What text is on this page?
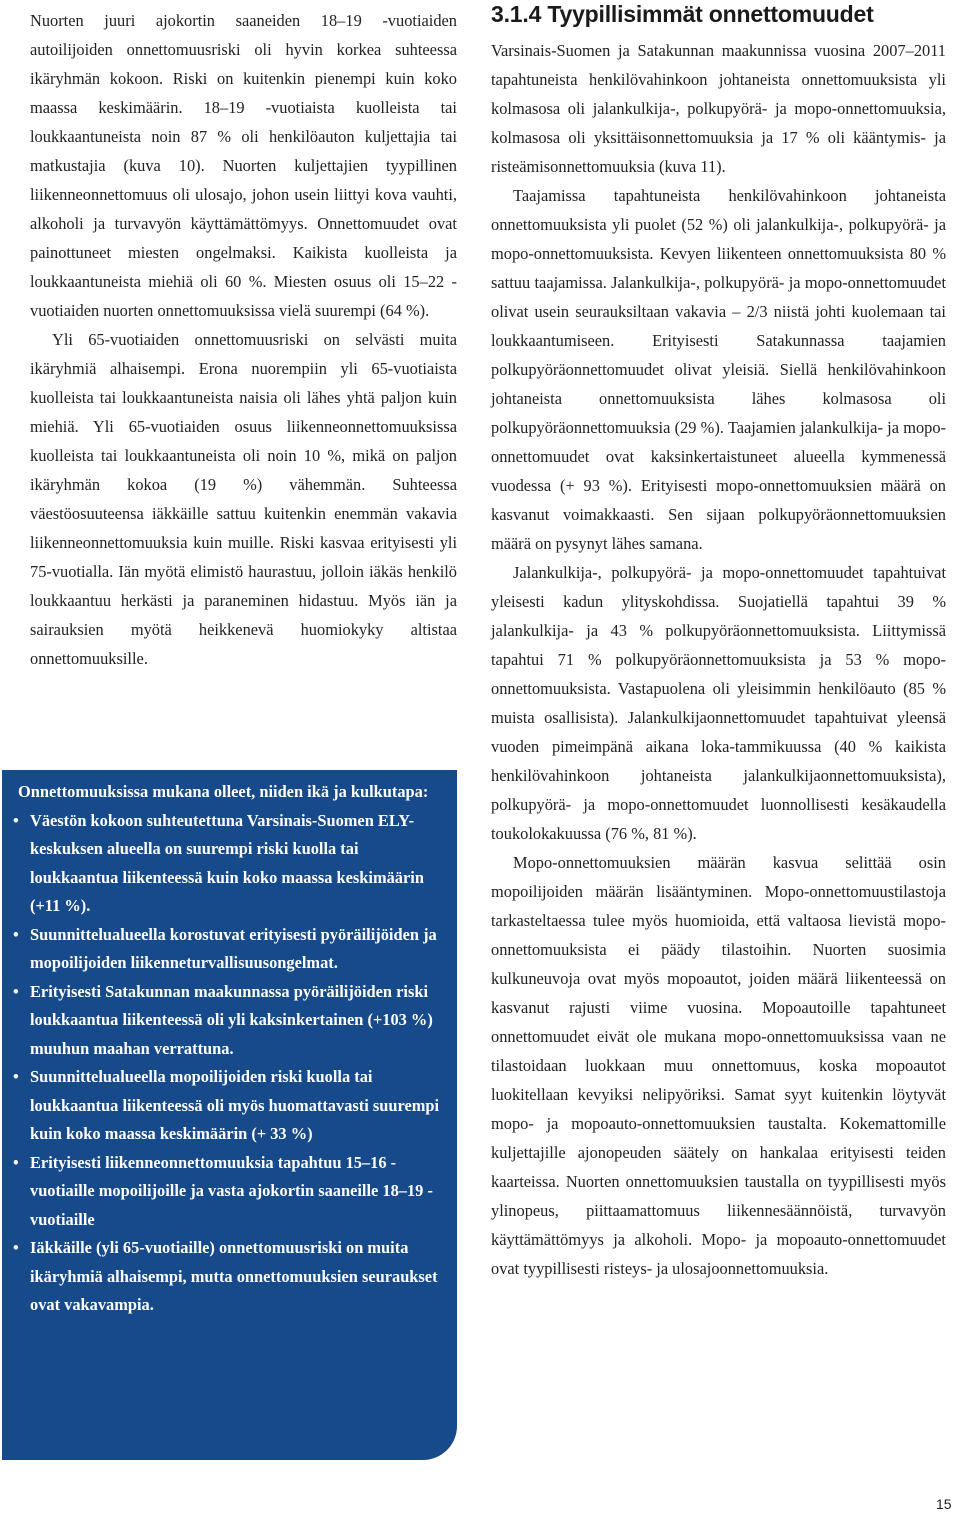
Nuorten juuri ajokortin saaneiden 18–19 -vuotiaiden autoilijoiden onnettomuusriski oli hyvin korkea suhteessa ikäryhmän kokoon. Riski on kuitenkin pienempi kuin koko maassa keskimäärin. 18–19 -vuotiaista kuolleista tai loukkaantuneista noin 87 % oli henkilöauton kuljettajia tai matkustajia (kuva 10). Nuorten kuljettajien tyypillinen liikenneonnettomuus oli ulosajo, johon usein liittyi kova vauhti, alkoholi ja turvavyön käyttämättömyys. Onnettomuudet ovat painottuneet miesten ongelmaksi. Kaikista kuolleista ja loukkaantuneista miehiä oli 60 %. Miesten osuus oli 15–22 -vuotiaiden nuorten onnettomuuksissa vielä suurempi (64 %).

Yli 65-vuotiaiden onnettomuusriski on selvästi muita ikäryhmiä alhaisempi. Erona nuorempiin yli 65-vuotiaista kuolleista tai loukkaantuneista naisia oli lähes yhtä paljon kuin miehiä. Yli 65-vuotiaiden osuus liikenneonnettomuuksissa kuolleista tai loukkaantuneista oli noin 10 %, mikä on paljon ikäryhmän kokoa (19 %) vähemmän. Suhteessa väestöosuuteensa iäkkäille sattuu kuitenkin enemmän vakavia liikenneonnettomuuksia kuin muille. Riski kasvaa erityisesti yli 75-vuotialla. Iän myötä elimistö haurastuu, jolloin iäkäs henkilö loukkaantuu herkästi ja paraneminen hidastuu. Myös iän ja sairauksien myötä heikkenevä huomiokyky altistaa onnettomuuksille.

Onnettomuuksissa mukana olleet, niiden ikä ja kulkutapa:
• Väestön kokoon suhteutettuna Varsinais-Suomen ELY-keskuksen alueella on suurempi riski kuolla tai loukkaantua liikenteessä kuin koko maassa keskimäärin (+11 %).
• Suunnittelualueella korostuvat erityisesti pyöräilijöiden ja mopoilijoiden liikenneturvallisuusongelmat.
• Erityisesti Satakunnan maakunnassa pyöräilijöiden riski loukkaantua liikenteessä oli yli kaksinkertainen (+103 %) muuhun maahan verrattuna.
• Suunnittelualueella mopoilijoiden riski kuolla tai loukkaantua liikenteessä oli myös huomattavasti suurempi kuin koko maassa keskimäärin (+ 33 %)
• Erityisesti liikenneonnettomuuksia tapahtuu 15–16 -vuotiaille mopoilijoille ja vasta ajokortin saaneille 18–19 -vuotiaille
• Iäkkäille (yli 65-vuotiaille) onnettomuusriski on muita ikäryhmiä alhaisempi, mutta onnettomuuksien seuraukset ovat vakavampia.
3.1.4 Tyypillisimmät onnettomuudet

Varsinais-Suomen ja Satakunnan maakunnissa vuosina 2007–2011 tapahtuneista henkilövahinkoon johtaneista onnettomuuksista yli kolmasosa oli jalankulkija-, polkupyörä- ja mopo-onnettomuuksia, kolmasosa oli yksittäisonnettomuuksia ja 17 % oli kääntymis- ja risteämisonnettomuuksia (kuva 11).

Taajamissa tapahtuneista henkilövahinkoon johtaneista onnettomuuksista yli puolet (52 %) oli jalankulkija-, polkupyörä- ja mopo-onnettomuuksista. Kevyen liikenteen onnettomuuksista 80 % sattuu taajamissa. Jalankulkija-, polkupyörä- ja mopo-onnettomuudet olivat usein seurauksiltaan vakavia – 2/3 niistä johti kuolemaan tai loukkaantumiseen. Erityisesti Satakunnassa taajamien polkupyöräonnettomuudet olivat yleisiä. Siellä henkilövahinkoon johtaneista onnettomuuksista lähes kolmasosa oli polkupyöräonnettomuuksia (29 %). Taajamien jalankulkija- ja mopo-onnettomuudet ovat kaksinkertaistuneet alueella kymmenessä vuodessa (+ 93 %). Erityisesti mopo-onnettomuuksien määrä on kasvanut voimakkaasti. Sen sijaan polkupyöräonnettomuuksien määrä on pysynyt lähes samana.

Jalankulkija-, polkupyörä- ja mopo-onnettomuudet tapahtuivat yleisesti kadun ylityskohdissa. Suojatiellä tapahtui 39 % jalankulkija- ja 43 % polkupyöräonnettomuuksista. Liittymissä tapahtui 71 % polkupyöräonnettomuuksista ja 53 % mopo-onnettomuuksista. Vastapuolena oli yleisimmin henkilöauto (85 % muista osallisista). Jalankulkijaonnettomuudet tapahtuivat yleensä vuoden pimeimpänä aikana loka-tammikuussa (40 % kaikista henkilövahinkoon johtaneista jalankulkijaonnettomuuksista), polkupyörä- ja mopo-onnettomuudet luonnollisesti kesäkaudella toukolokakuussa (76 %, 81 %).

Mopo-onnettomuuksien määrän kasvua selittää osin mopoilijoiden määrän lisääntyminen. Mopo-onnettomuustilastoja tarkasteltaessa tulee myös huomioida, että valtaosa lievistä mopo-onnettomuuksista ei päädy tilastoihin. Nuorten suosimia kulkuneuvoja ovat myös mopoautot, joiden määrä liikenteessä on kasvanut rajusti viime vuosina. Mopoautoille tapahtuneet onnettomuudet eivät ole mukana mopo-onnettomuuksissa vaan ne tilastoidaan luokkaan muu onnettomuus, koska mopoautot luokitellaan kevyiksi nelipyöriksi. Samat syyt kuitenkin löytyvät mopo- ja mopoauto-onnettomuuksien taustalta. Kokemattomille kuljettajille ajonopeuden säätely on hankalaa erityisesti teiden kaarteissa. Nuorten onnettomuuksien taustalla on tyypillisesti myös ylinopeus, piittaamattomuus liikennesäännöistä, turvavyön käyttämättömyys ja alkoholi. Mopo- ja mopoauto-onnettomuudet ovat tyypillisesti risteys- ja ulosajoonnettomuuksia.

15
